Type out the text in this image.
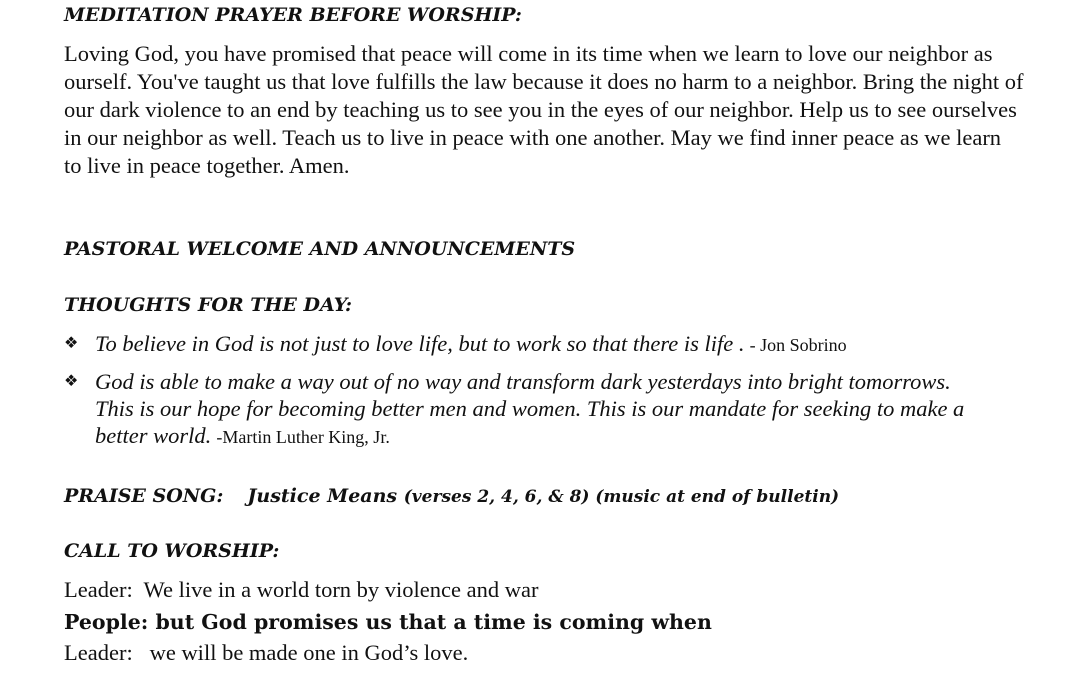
MEDITATION PRAYER BEFORE WORSHIP:

Loving God, you have promised that peace will come in its time when we learn to love our neighbor as ourself. You've taught us that love fulfills the law because it does no harm to a neighbor. Bring the night of our dark violence to an end by teaching us to see you in the eyes of our neighbor. Help us to see ourselves in our neighbor as well. Teach us to live in peace with one another. May we find inner peace as we learn to live in peace together. Amen.

PASTORAL WELCOME AND ANNOUNCEMENTS

THOUGHTS FOR THE DAY:

❖ To believe in God is not just to love life, but to work so that there is life . - Jon Sobrino
❖ God is able to make a way out of no way and transform dark yesterdays into bright tomorrows. This is our hope for becoming better men and women. This is our mandate for seeking to make a better world. -Martin Luther King, Jr.

PRAISE SONG: Justice Means (verses 2, 4, 6, & 8) (music at end of bulletin)

CALL TO WORSHIP:

Leader: We live in a world torn by violence and war

People: but God promises us that a time is coming when

Leader: we will be made one in God’s love.
